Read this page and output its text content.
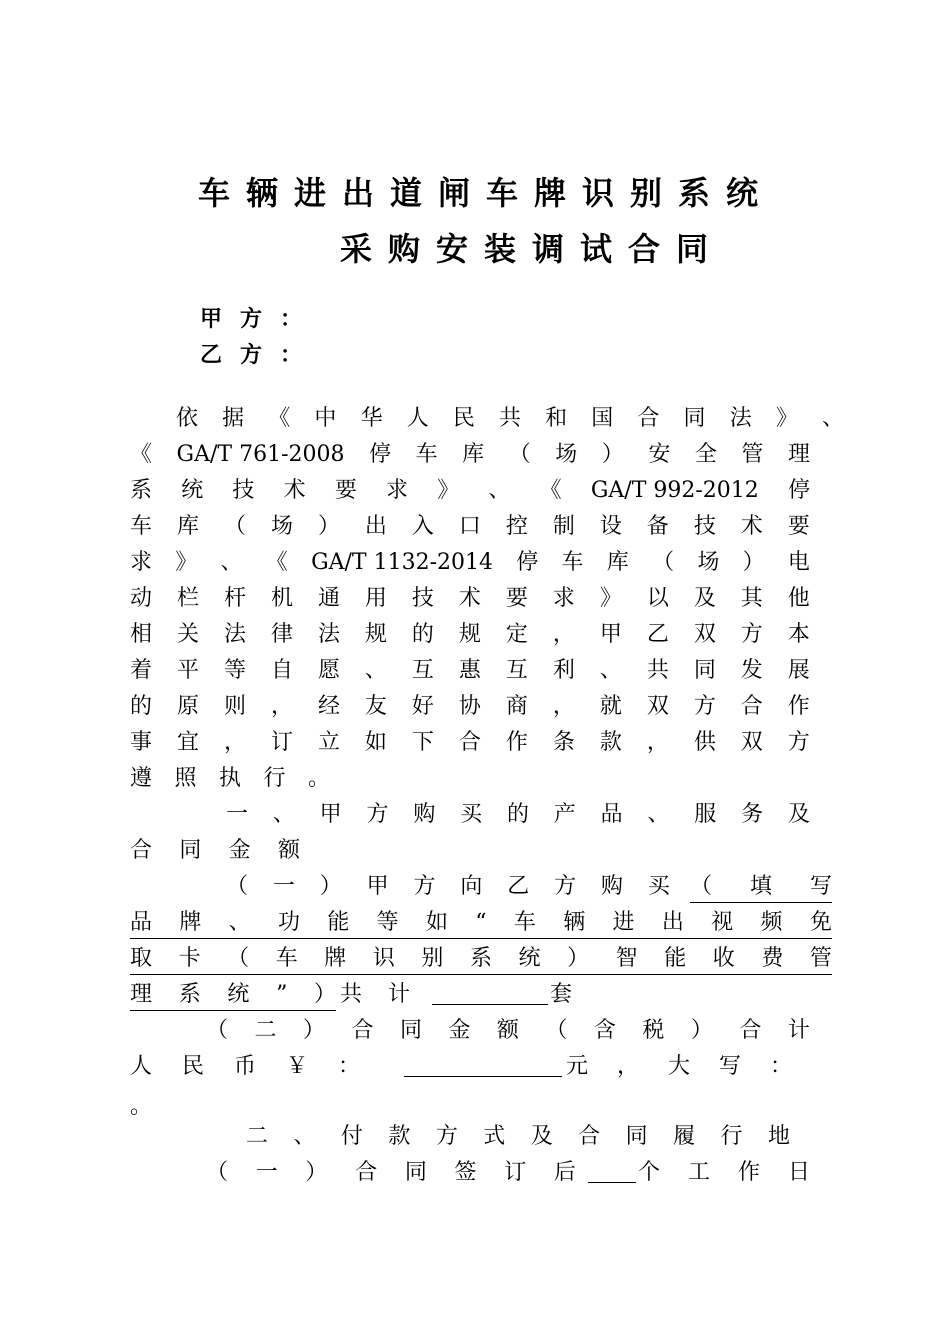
车辆进出道闸车牌识别系统
采购安装调试合同
甲方：
乙方：
依 据 《 中 华 人 民 共 和 国 合 同 法 》 、
《 GA/T 761-2008 停 车 库 （ 场 ） 安 全 管 理
系 统 技 术 要 求 》 、 《 GA/T 992-2012 停
车 库 （ 场 ） 出 入 口 控 制 设 备 技 术 要
求 》 、 《 GA/T 1132-2014 停 车 库 （ 场 ） 电
动 栏 杆 机 通 用 技 术 要 求 》 以 及 其 他
相 关 法 律 法 规 的 规 定 ， 甲 乙 双 方 本
着 平 等 自 愿 、 互 惠 互 利 、 共 同 发 展
的 原 则 ， 经 友 好 协 商 ， 就 双 方 合 作
事 宜 ， 订 立 如 下 合 作 条 款 ， 供 双 方
遵 照 执 行 。
一 、 甲 方 购 买 的 产 品 、 服 务 及
合 同 金 额
（ 一 ） 甲 方 向 乙 方 购 买 （ 填 写
品 牌 、 功 能 等 如 “ 车 辆 进 出 视 频 免
取 卡 （ 车 牌 识 别 系 统 ） 智 能 收 费 管
理 系 统 ” ） 共 计	套
（ 二 ） 合 同 金 额 （ 含 税 ） 合 计
人 民 币 ￥ ：	元 ， 大 写 ：
。
二 、 付 款 方 式 及 合 同 履 行 地
（ 一 ） 合 同 签 订 后	个 工 作 日
